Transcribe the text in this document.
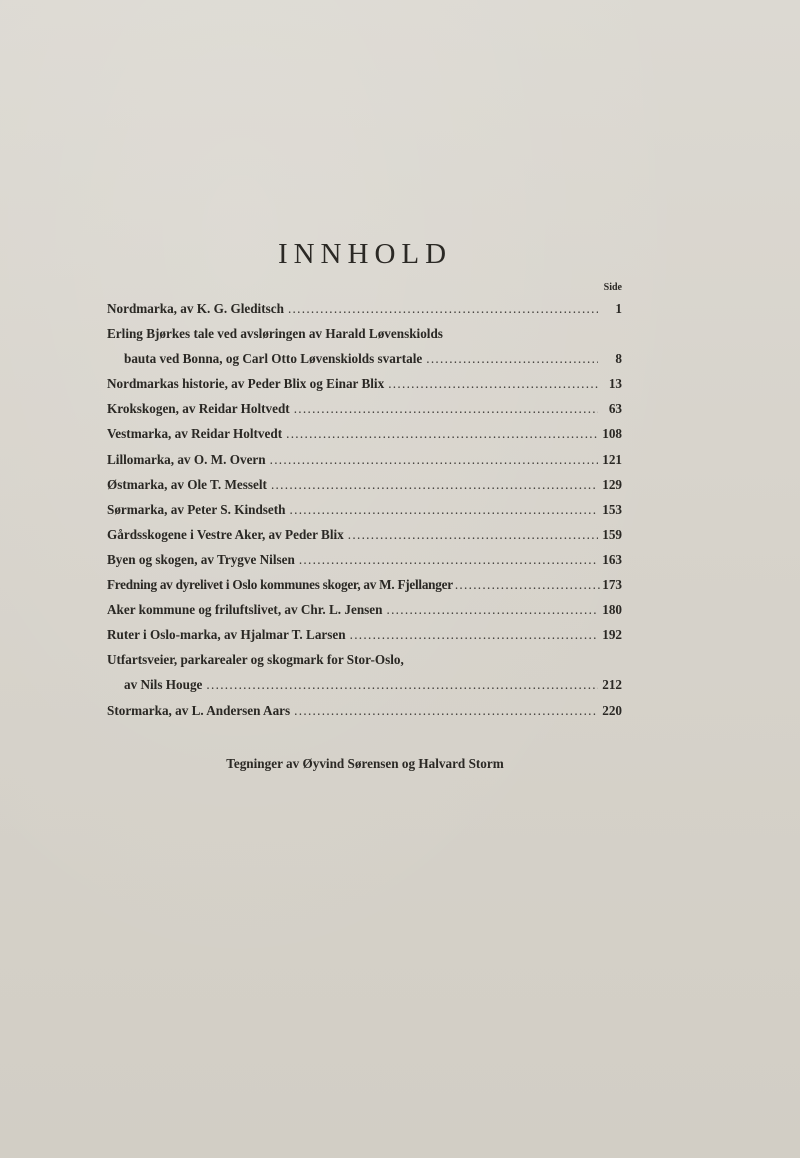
INNHOLD
Side
Nordmarka, av K. G. Gleditsch . . .	1
Erling Bjørkes tale ved avsløringen av Harald Løvenskiolds
bauta ved Bonna, og Carl Otto Løvenskiolds svartale . . .	8
Nordmarkas historie, av Peder Blix og Einar Blix . . .	13
Krokskogen, av Reidar Holtvedt . . .	63
Vestmarka, av Reidar Holtvedt . . .	108
Lillomarka, av O. M. Overn . . .	121
Østmarka, av Ole T. Messelt . . .	129
Sørmarka, av Peter S. Kindseth . . .	153
Gårdsskogene i Vestre Aker, av Peder Blix . . .	159
Byen og skogen, av Trygve Nilsen . . .	163
Fredning av dyrelivet i Oslo kommunes skoger, av M. Fjellanger . . .	173
Aker kommune og friluftslivet, av Chr. L. Jensen . . .	180
Ruter i Oslo-marka, av Hjalmar T. Larsen . . .	192
Utfartsveier, parkarealer og skogmark for Stor-Oslo,
av Nils Houge . . .	212
Stormarka, av L. Andersen Aars . . .	220
Tegninger av Øyvind Sørensen og Halvard Storm
